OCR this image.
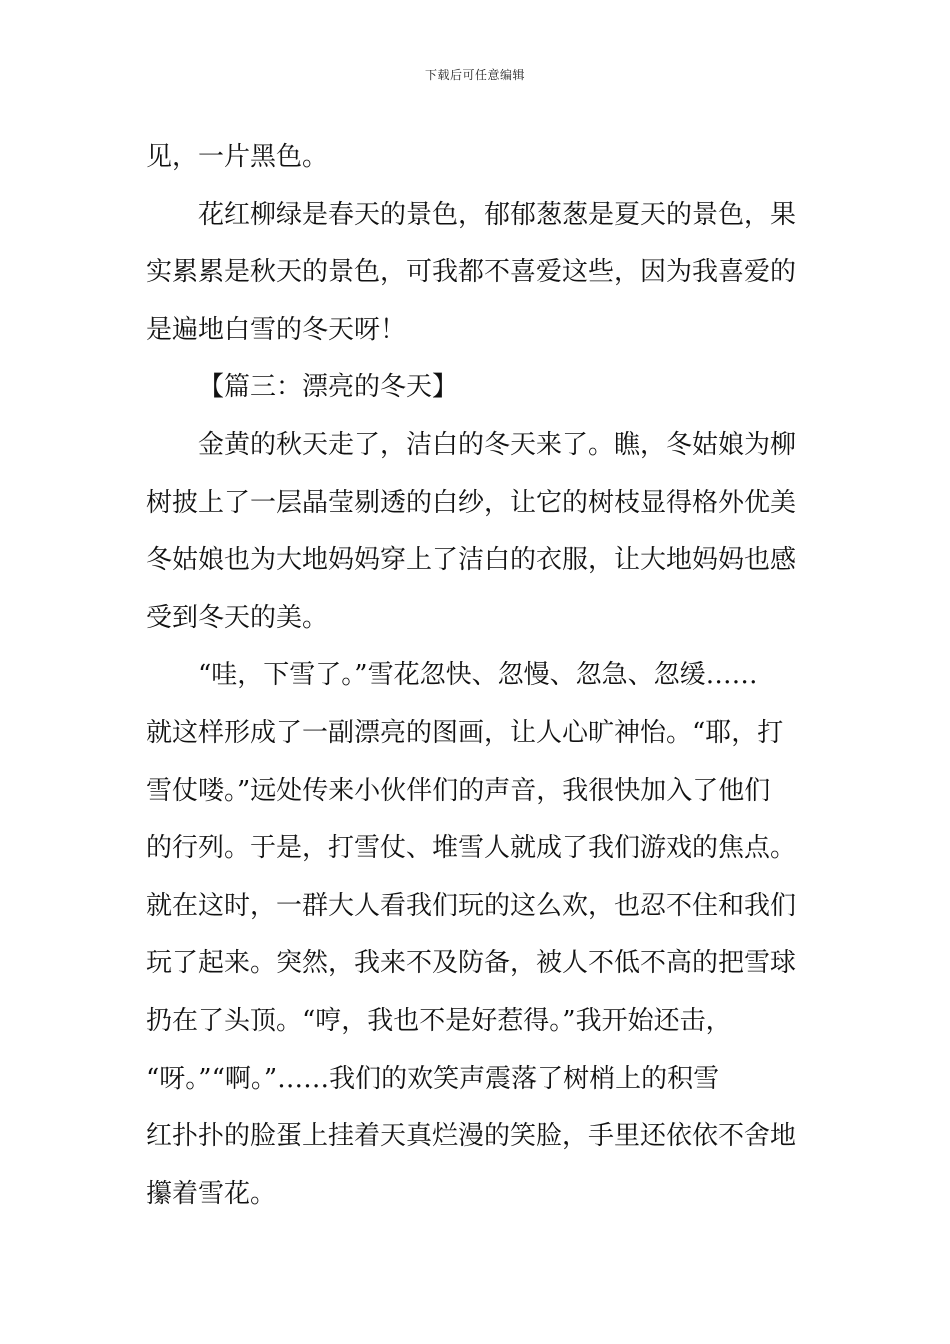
下载后可任意编辑
见，一片黑色。
花红柳绿是春天的景色，郁郁葱葱是夏天的景色，果
实累累是秋天的景色，可我都不喜爱这些，因为我喜爱的
是遍地白雪的冬天呀！
【篇三：漂亮的冬天】
金黄的秋天走了，洁白的冬天来了。瞧，冬姑娘为柳
树披上了一层晶莹剔透的白纱，让它的树枝显得格外优美
冬姑娘也为大地妈妈穿上了洁白的衣服，让大地妈妈也感
受到冬天的美。
“哇，下雪了。”雪花忽快、忽慢、忽急、忽缓……
就这样形成了一副漂亮的图画，让人心旷神怡。“耶，打
雪仗喽。”远处传来小伙伴们的声音，我很快加入了他们
的行列。于是，打雪仗、堆雪人就成了我们游戏的焦点。
就在这时，一群大人看我们玩的这么欢，也忍不住和我们
玩了起来。突然，我来不及防备，被人不低不高的把雪球
扔在了头顶。“哼，我也不是好惹得。”我开始还击，
“呀。”“啊。”……我们的欢笑声震落了树梢上的积雪
红扑扑的脸蛋上挂着天真烂漫的笑脸，手里还依依不舍地
攥着雪花。
